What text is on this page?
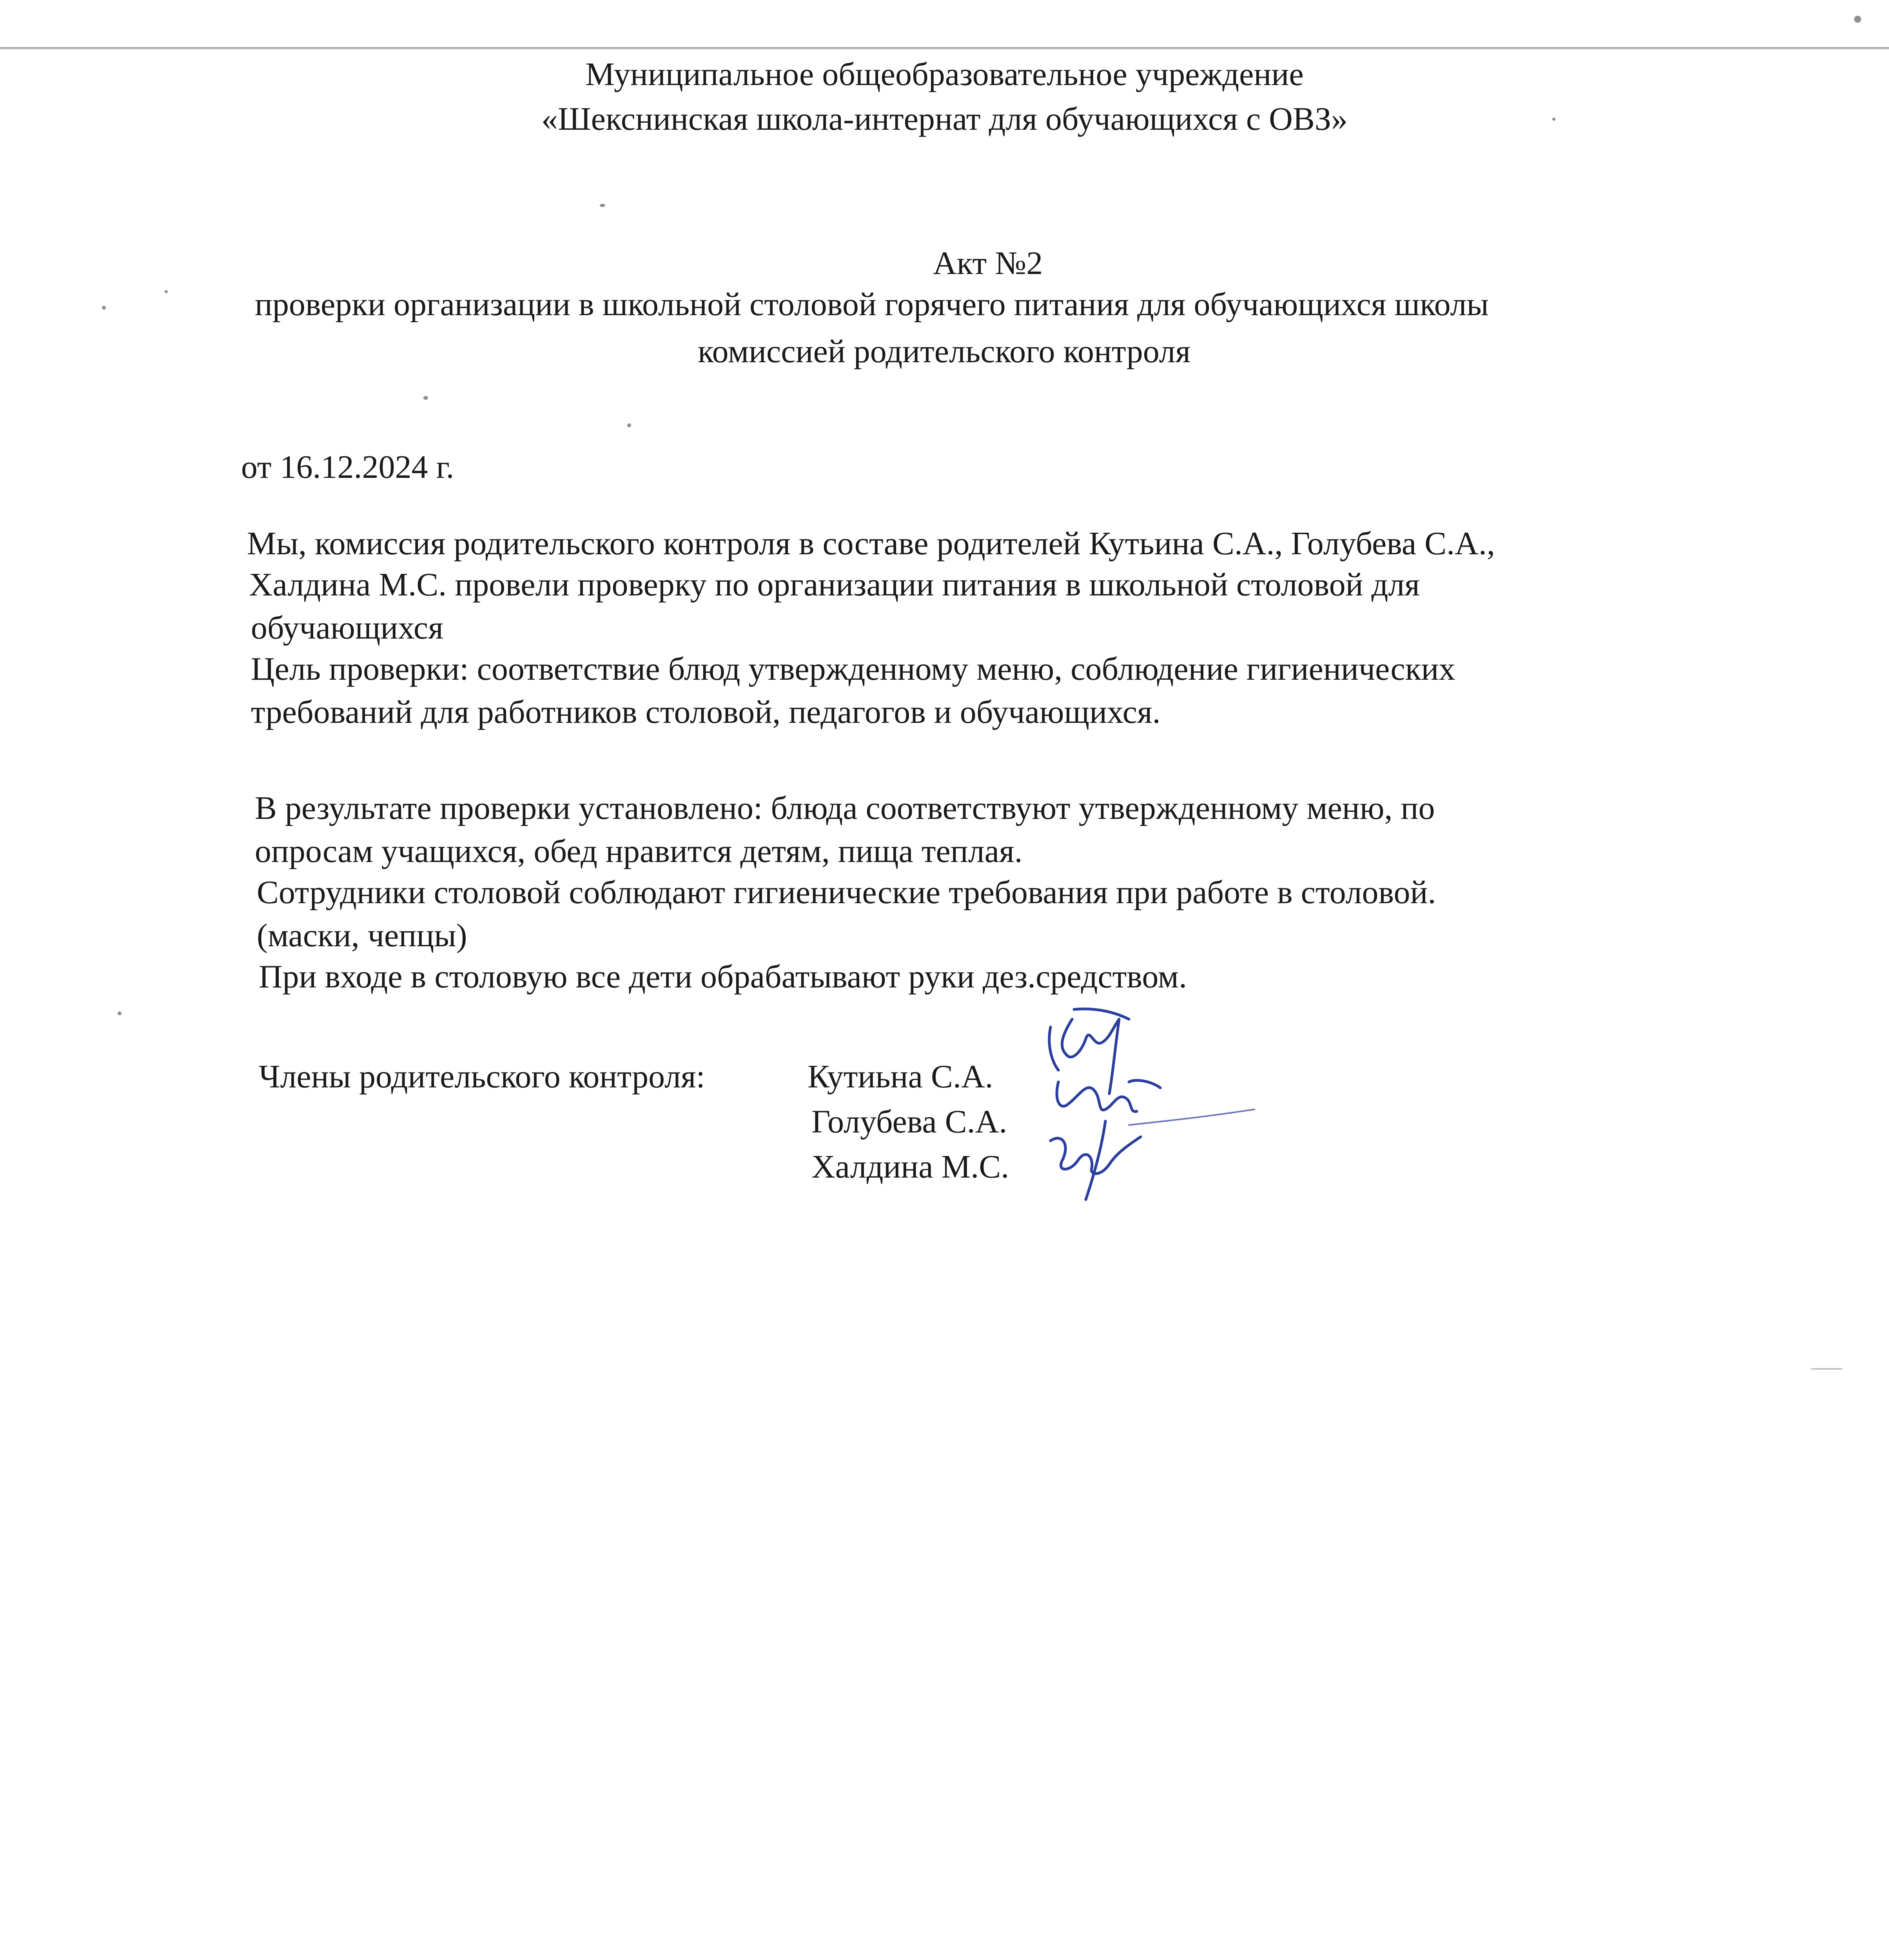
Муниципальное общеобразовательное учреждение
«Шекснинская школа-интернат для обучающихся с ОВЗ»
Акт №2
проверки организации в школьной столовой горячего питания для обучающихся школы
комиссией родительского контроля
от 16.12.2024 г.
Мы, комиссия родительского контроля в составе родителей Кутьина С.А., Голубева С.А.,
Халдина М.С. провели проверку по организации питания в школьной столовой для
обучающихся
Цель проверки: соответствие блюд утвержденному меню, соблюдение гигиенических
требований для работников столовой, педагогов и обучающихся.
В результате проверки установлено: блюда соответствуют утвержденному меню, по
опросам учащихся, обед нравится детям, пища теплая.
Сотрудники столовой соблюдают гигиенические требования при работе в столовой.
(маски, чепцы)
При входе в столовую все дети обрабатывают руки дез.средством.
Члены родительского контроля:	Кутиьна С.А.
Голубева С.А.
Халдина М.С.
